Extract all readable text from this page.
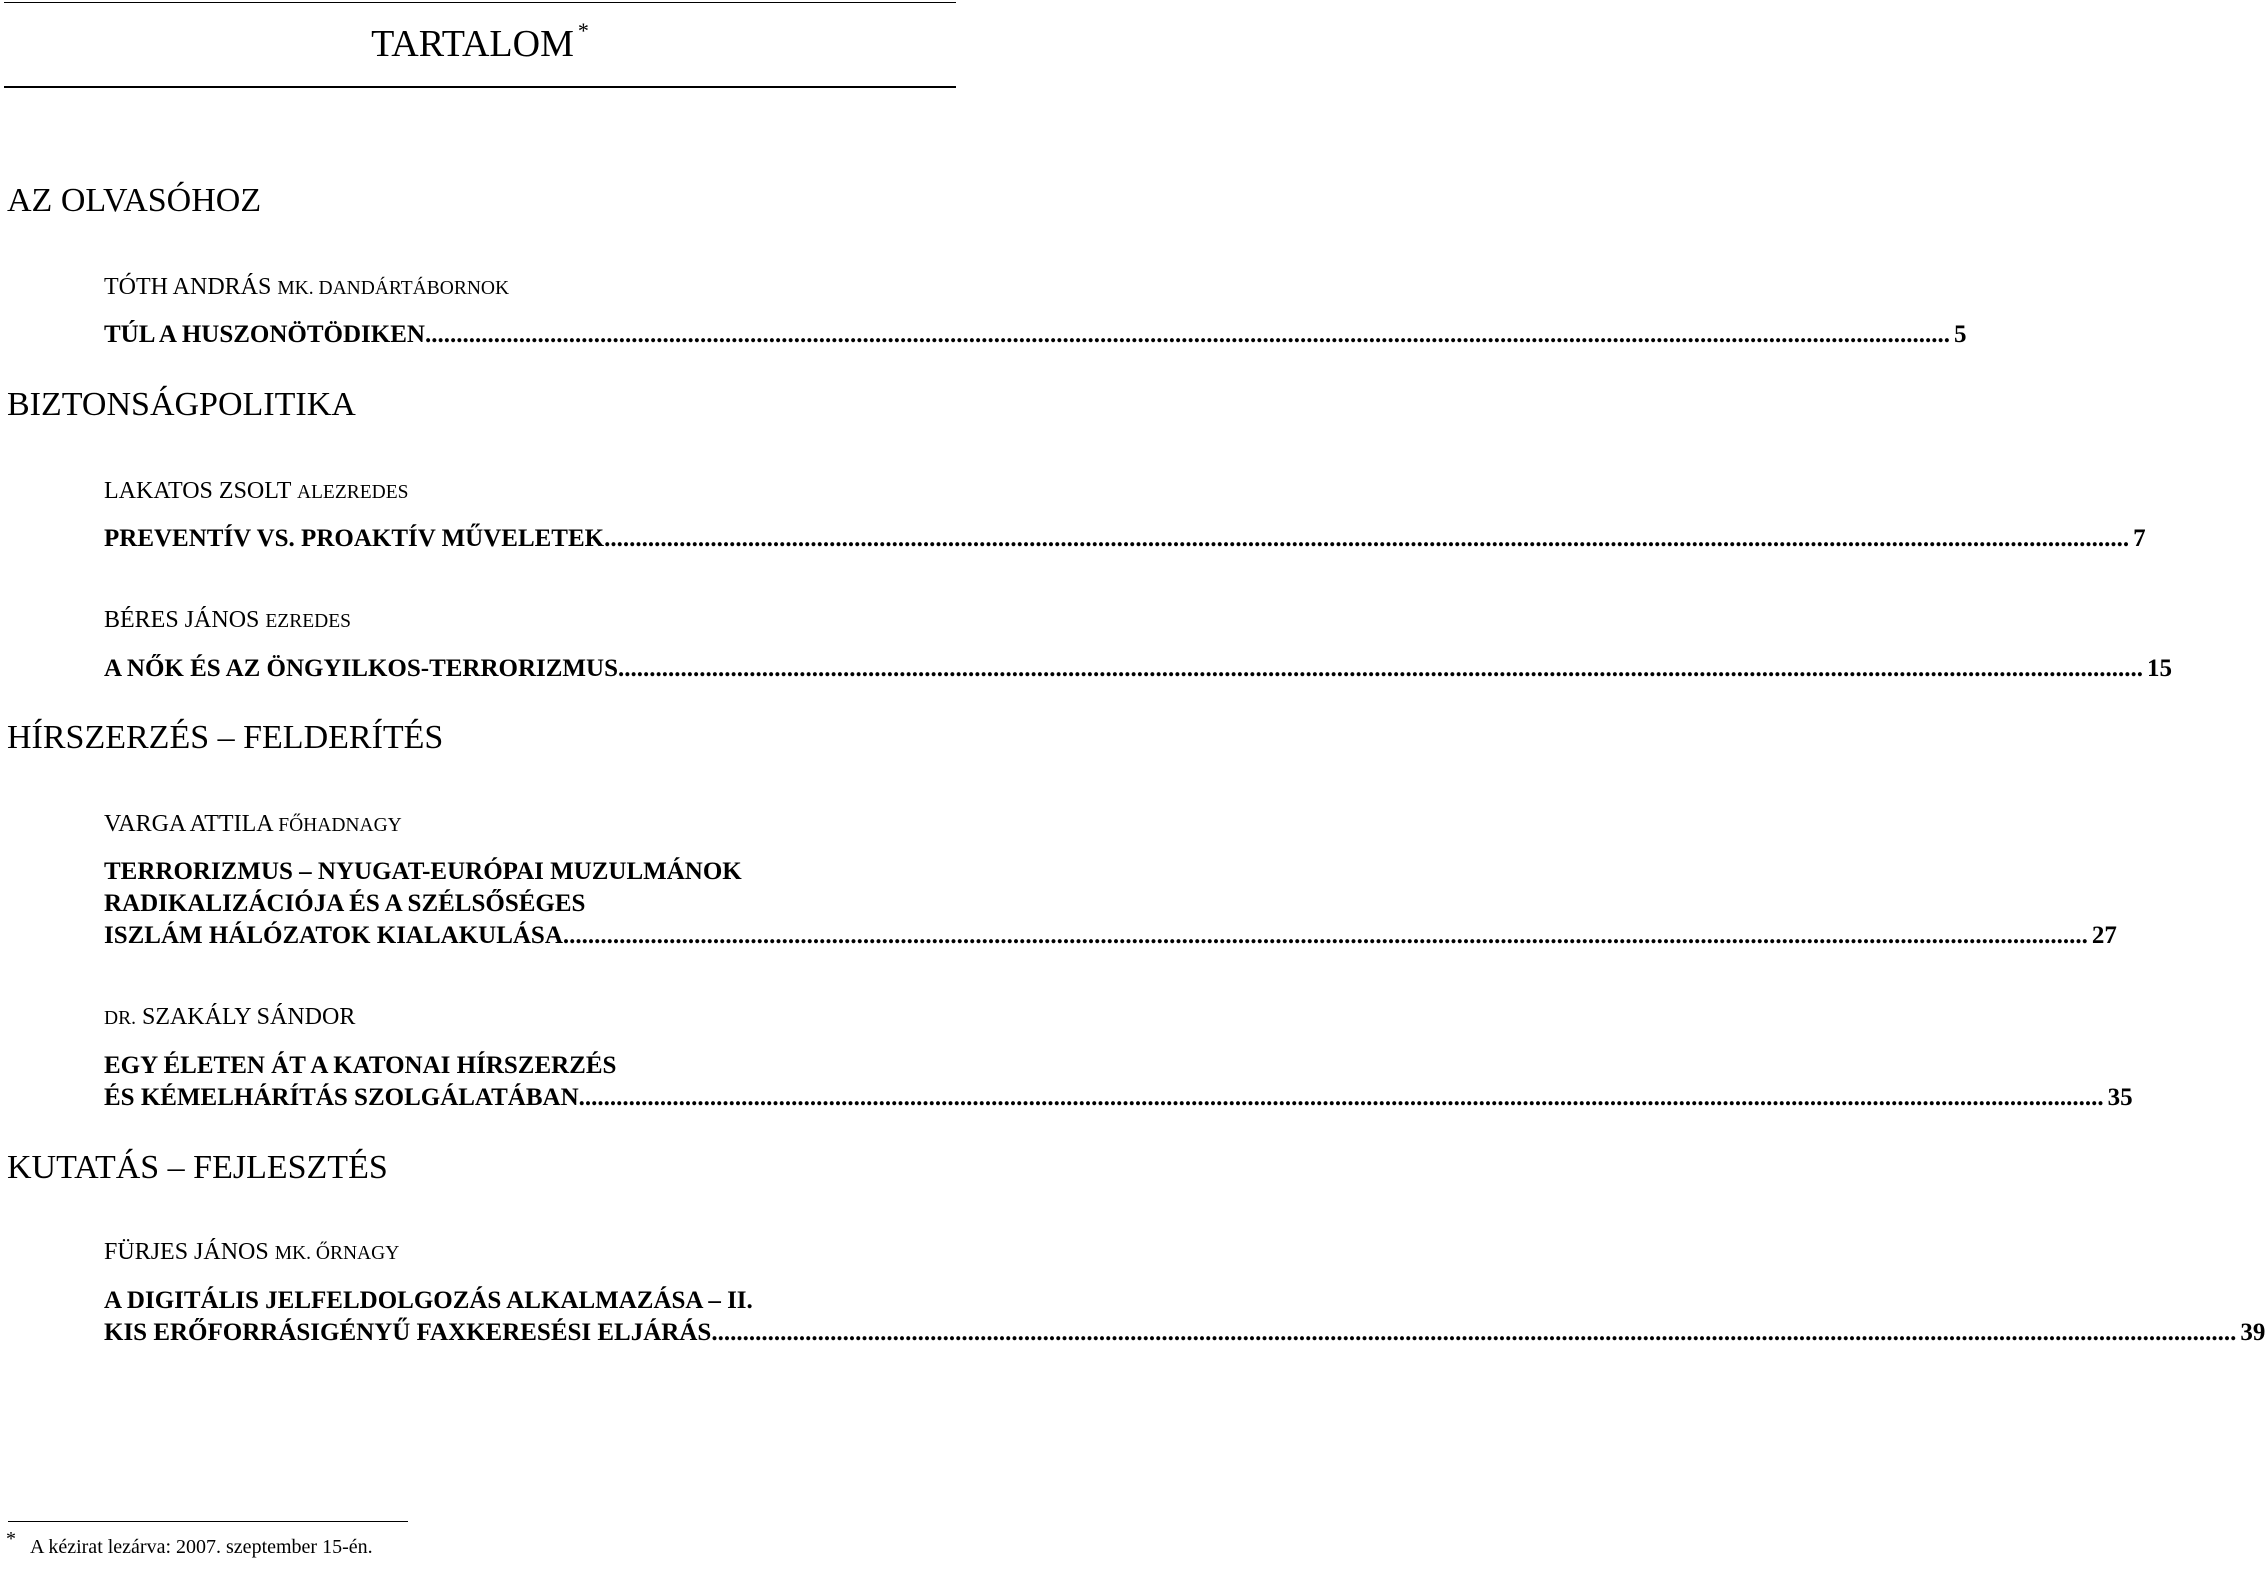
TARTALOM *
AZ OLVASÓHOZ
TÓTH ANDRÁS MK. DANDÁRTÁBORNOK
TÚL A HUSZONÖTÖDIKEN .................................................................................................................................................................................................................................................... 5
BIZTONSÁGPOLITIKA
LAKATOS ZSOLT ALEZREDES
PREVENTÍV VS. PROAKTÍV MŰVELETEK .................................................................................................................................................................................................................................................... 7
BÉRES JÁNOS EZREDES
A NŐK ÉS AZ ÖNGYILKOS-TERRORIZMUS .................................................................................................................................................................................................................................................... 15
HÍRSZERZÉS – FELDERÍTÉS
VARGA ATTILA FŐHADNAGY
TERRORIZMUS – NYUGAT-EURÓPAI MUZULMÁNOK
RADIKALIZÁCIÓJA ÉS A SZÉLSŐSÉGES
ISZLÁM HÁLÓZATOK KIALAKULÁSA .................................................................................................................................................................................................................................................... 27
DR. SZAKÁLY SÁNDOR
EGY ÉLETEN ÁT A KATONAI HÍRSZERZÉS
ÉS KÉMELHÁRÍTÁS SZOLGÁLATÁBAN .................................................................................................................................................................................................................................................... 35
KUTATÁS – FEJLESZTÉS
FÜRJES JÁNOS MK. ŐRNAGY
A DIGITÁLIS JELFELDOLGOZÁS ALKALMAZÁSA – II.
KIS ERŐFORRÁSIGÉNYŰ FAXKERESÉSI ELJÁRÁS .................................................................................................................................................................................................................................................... 39
* A kézirat lezárva: 2007. szeptember 15-én.
